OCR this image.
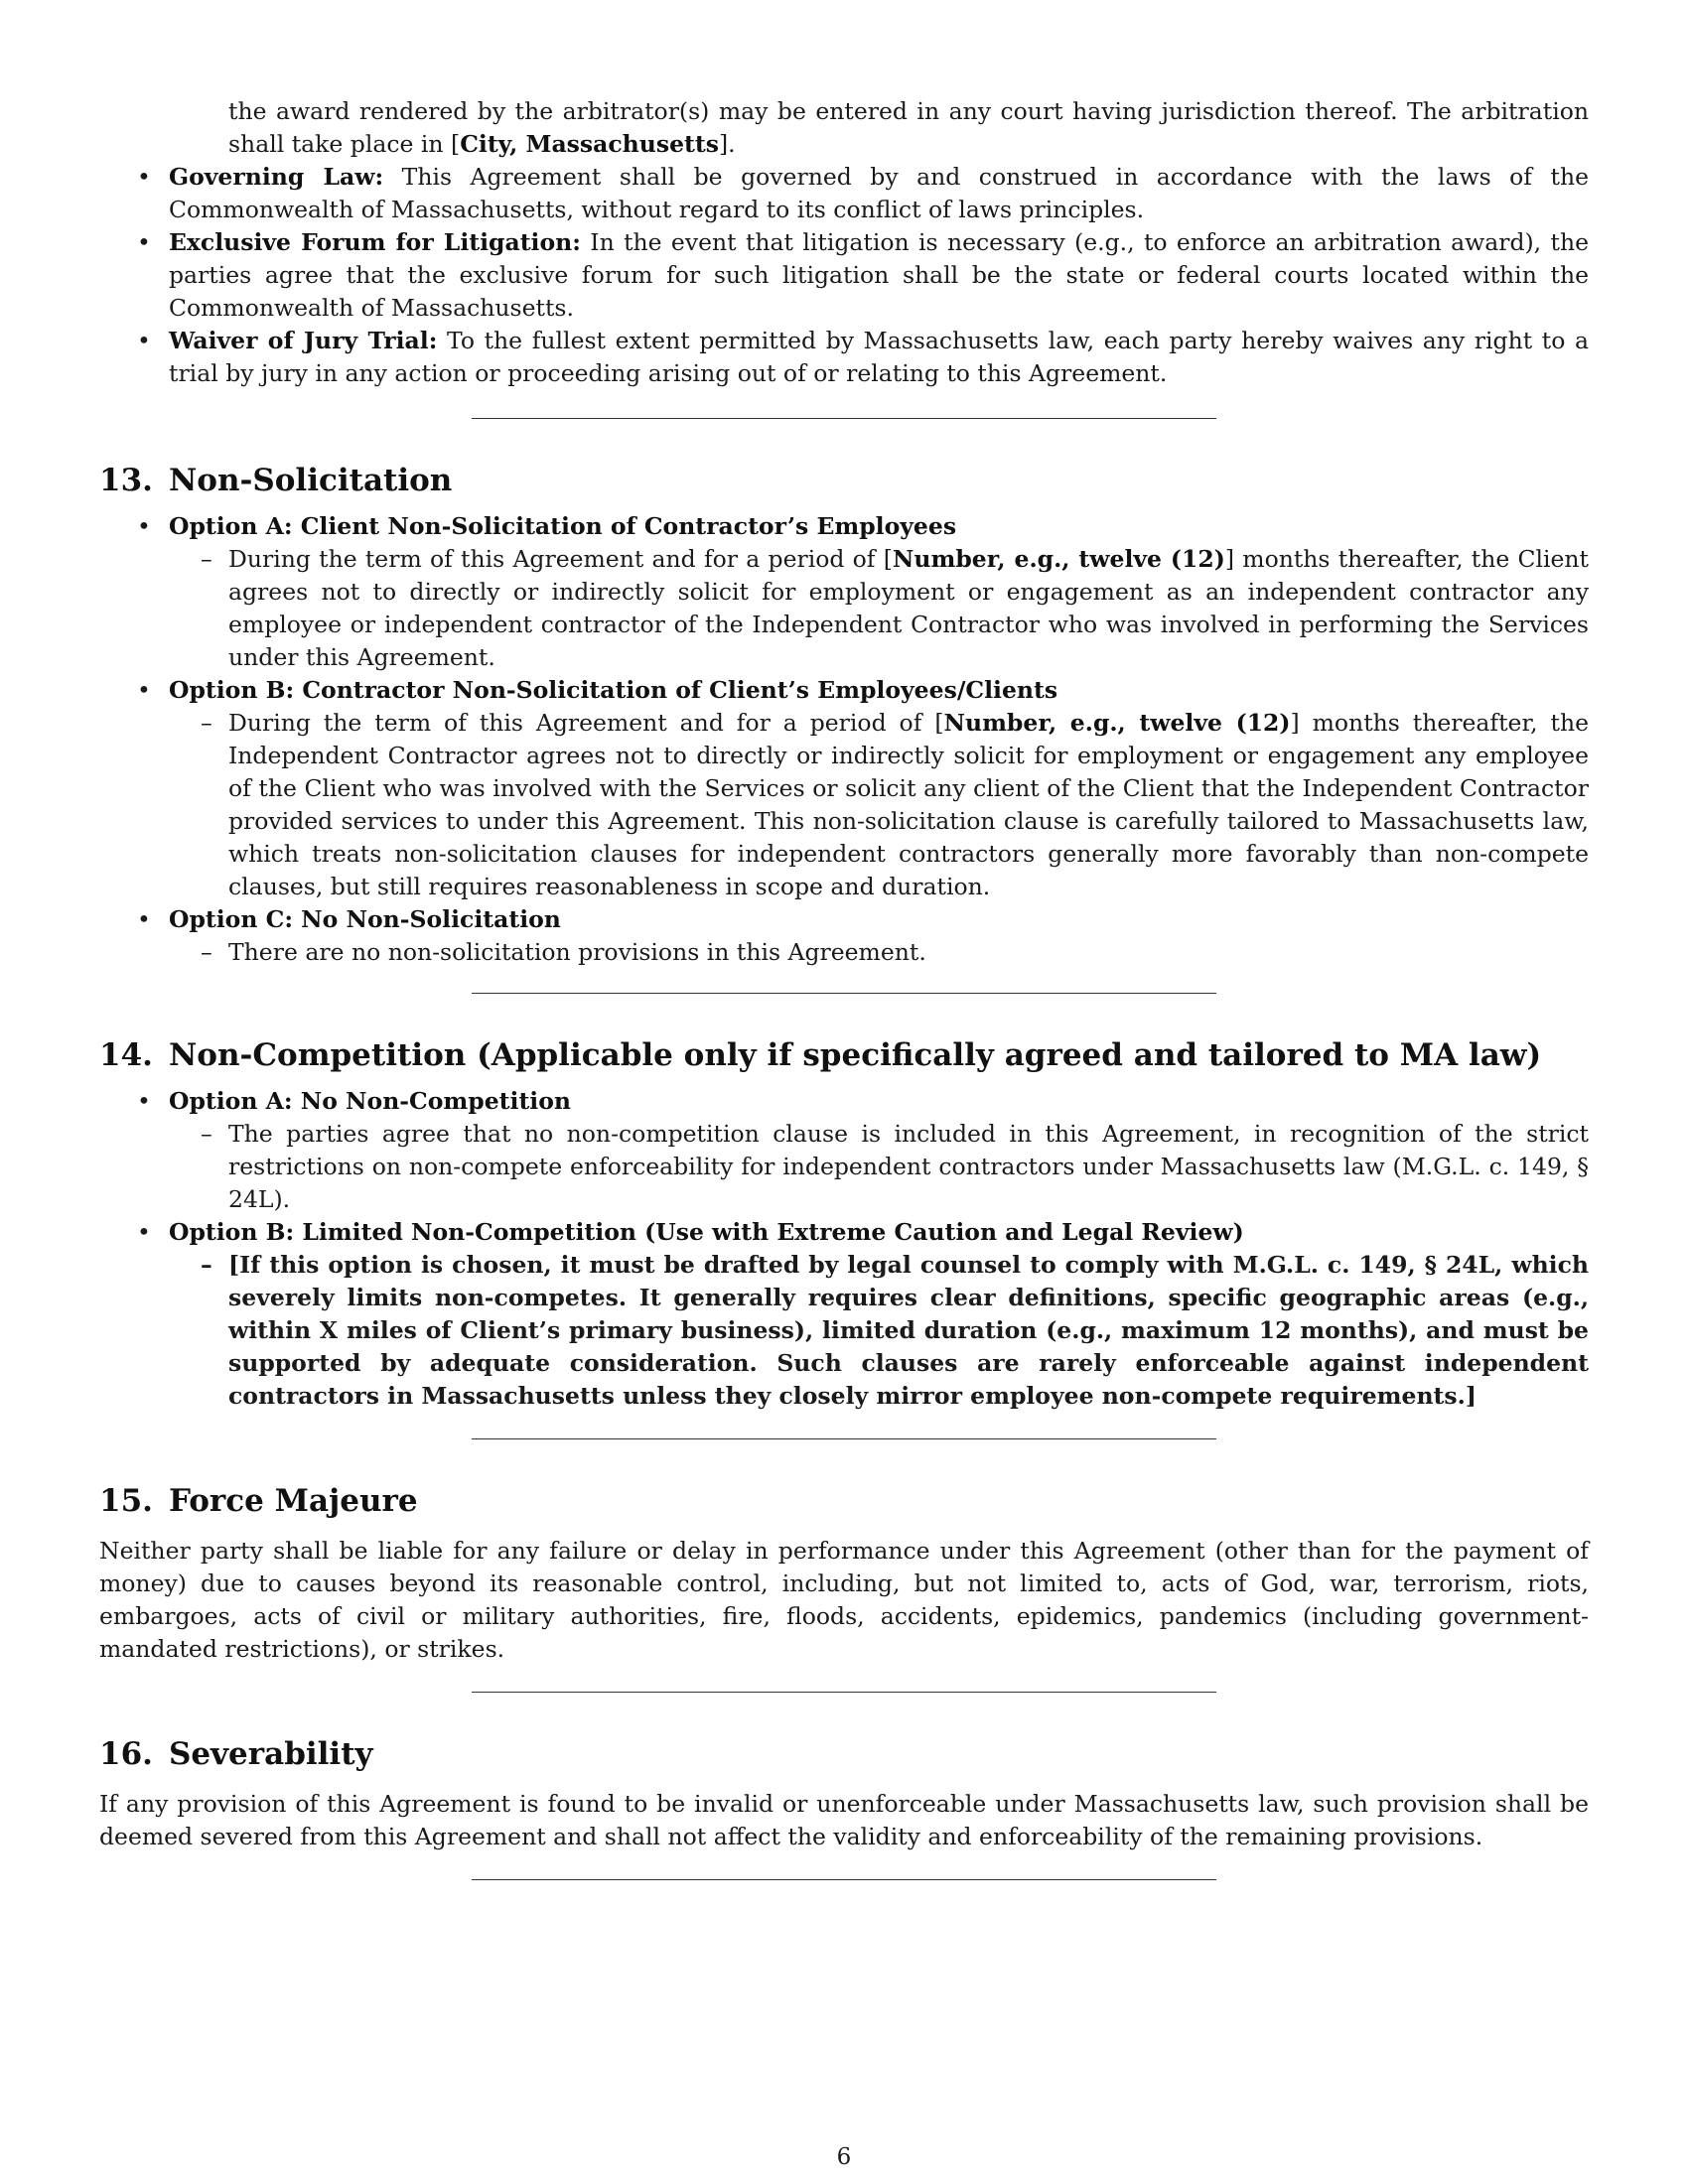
the award rendered by the arbitrator(s) may be entered in any court having jurisdiction thereof. The arbitration shall take place in [City, Massachusetts].
• Governing Law: This Agreement shall be governed by and construed in accordance with the laws of the Commonwealth of Massachusetts, without regard to its conflict of laws principles.
• Exclusive Forum for Litigation: In the event that litigation is necessary (e.g., to enforce an arbitration award), the parties agree that the exclusive forum for such litigation shall be the state or federal courts located within the Commonwealth of Massachusetts.
• Waiver of Jury Trial: To the fullest extent permitted by Massachusetts law, each party hereby waives any right to a trial by jury in any action or proceeding arising out of or relating to this Agreement.
13. Non-Solicitation
• Option A: Client Non-Solicitation of Contractor’s Employees
– During the term of this Agreement and for a period of [Number, e.g., twelve (12)] months thereafter, the Client agrees not to directly or indirectly solicit for employment or engagement as an independent contractor any employee or independent contractor of the Independent Contractor who was involved in performing the Services under this Agreement.
• Option B: Contractor Non-Solicitation of Client’s Employees/Clients
– During the term of this Agreement and for a period of [Number, e.g., twelve (12)] months thereafter, the Independent Contractor agrees not to directly or indirectly solicit for employment or engagement any employee of the Client who was involved with the Services or solicit any client of the Client that the Independent Contractor provided services to under this Agreement. This non-solicitation clause is carefully tailored to Massachusetts law, which treats non-solicitation clauses for independent contractors generally more favorably than non-compete clauses, but still requires reasonableness in scope and duration.
• Option C: No Non-Solicitation
– There are no non-solicitation provisions in this Agreement.
14. Non-Competition (Applicable only if specifically agreed and tailored to MA law)
• Option A: No Non-Competition
– The parties agree that no non-competition clause is included in this Agreement, in recognition of the strict restrictions on non-compete enforceability for independent contractors under Massachusetts law (M.G.L. c. 149, § 24L).
• Option B: Limited Non-Competition (Use with Extreme Caution and Legal Review)
– [If this option is chosen, it must be drafted by legal counsel to comply with M.G.L. c. 149, § 24L, which severely limits non-competes. It generally requires clear definitions, specific geographic areas (e.g., within X miles of Client’s primary business), limited duration (e.g., maximum 12 months), and must be supported by adequate consideration. Such clauses are rarely enforceable against independent contractors in Massachusetts unless they closely mirror employee non-compete requirements.]
15. Force Majeure

Neither party shall be liable for any failure or delay in performance under this Agreement (other than for the payment of money) due to causes beyond its reasonable control, including, but not limited to, acts of God, war, terrorism, riots, embargoes, acts of civil or military authorities, fire, floods, accidents, epidemics, pandemics (including government-mandated restrictions), or strikes.

16. Severability

If any provision of this Agreement is found to be invalid or unenforceable under Massachusetts law, such provision shall be deemed severed from this Agreement and shall not affect the validity and enforceability of the remaining provisions.

6
